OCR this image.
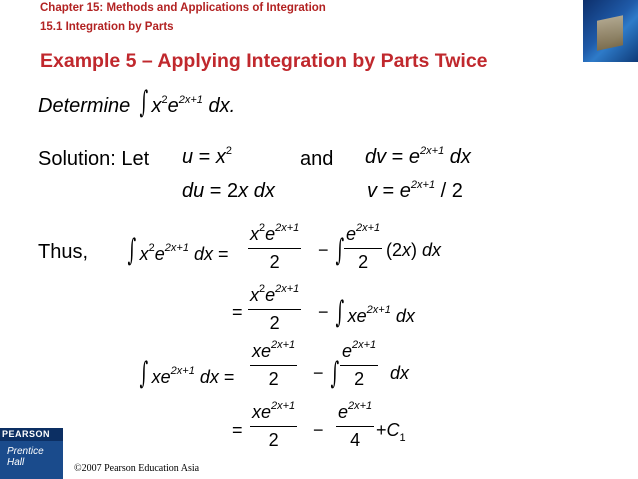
Chapter 15: Methods and Applications of Integration
15.1 Integration by Parts
Example 5 – Applying Integration by Parts Twice
Determine ∫ $x^2e^{2x+1}$ dx.
Solution: Let $u = x^2$	and dv = $e^{2x+1}$ dx
du = 2x dx	$v = e^{2x+1} / 2$
Thus, ∫ $x^2e^{2x+1}$ dx =
$x^2e^{2x+1}$
2
− ∫ $e^{2x+1}$
2
(2x) dx
=
$x^2e^{2x+1}$
2
− ∫ $xe^{2x+1}$ dx
∫ $xe^{2x+1}$ dx =
$xe^{2x+1}$
2	− ∫
$e^{2x+1}$
2	dx
=
$xe^{2x+1}$
2	−
$e^{2x+1}$
$4 +C_1$
PEARSON
Prentice Hall
©2007 Pearson Education Asia
